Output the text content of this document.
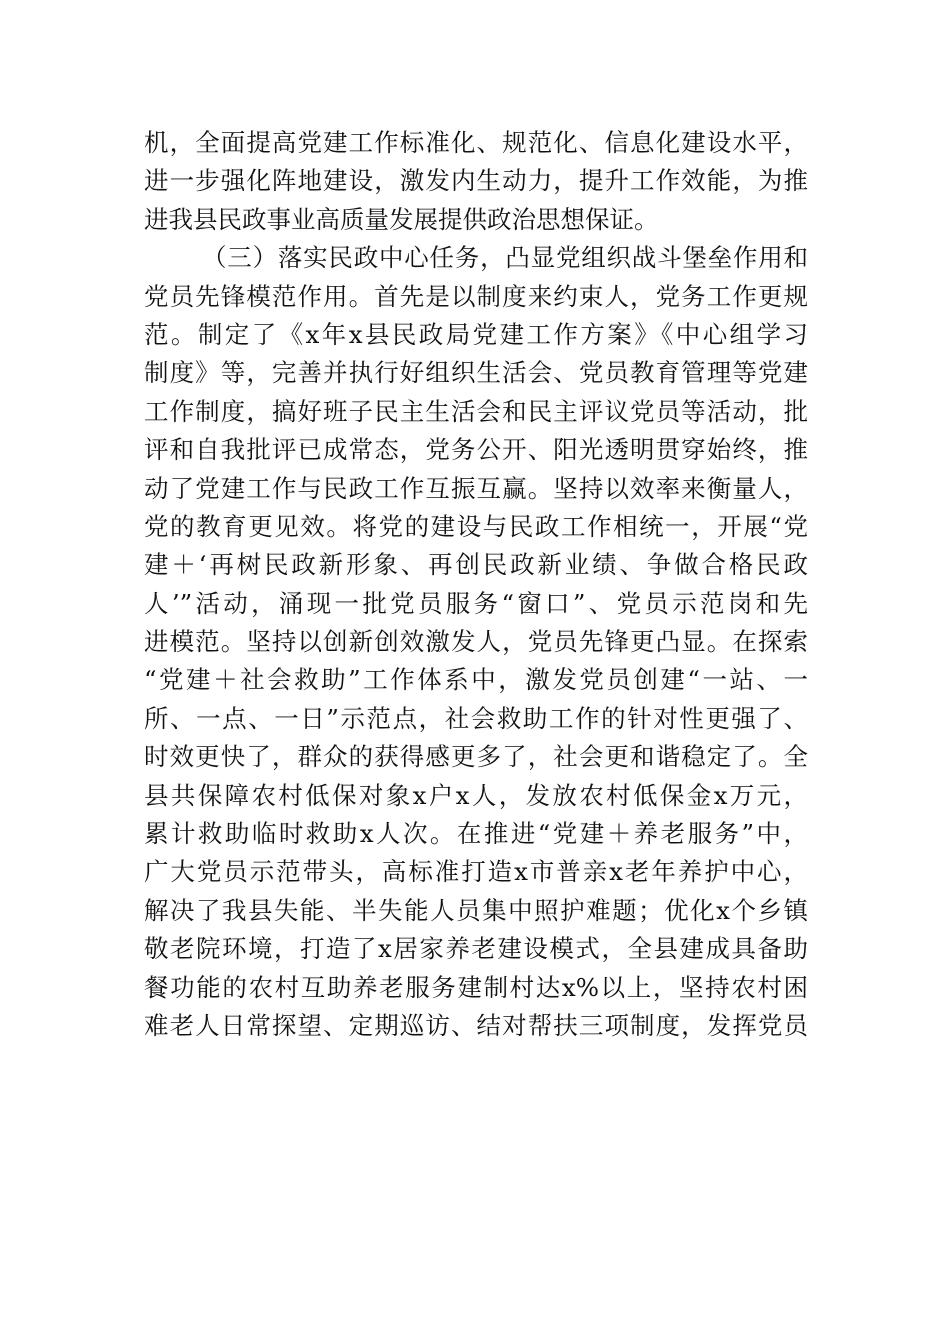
机，全面提高党建工作标准化、规范化、信息化建设水平，
进一步强化阵地建设，激发内生动力，提升工作效能，为推
进我县民政事业高质量发展提供政治思想保证。
（三）落实民政中心任务，凸显党组织战斗堡垒作用和
党员先锋模范作用。首先是以制度来约束人，党务工作更规
范。制定了《x年x县民政局党建工作方案》《中心组学习
制度》等，完善并执行好组织生活会、党员教育管理等党建
工作制度，搞好班子民主生活会和民主评议党员等活动，批
评和自我批评已成常态，党务公开、阳光透明贯穿始终，推
动了党建工作与民政工作互振互赢。坚持以效率来衡量人，
党的教育更见效。将党的建设与民政工作相统一，开展“党
建＋‘再树民政新形象、再创民政新业绩、争做合格民政
人’”活动，涌现一批党员服务“窗口”、党员示范岗和先
进模范。坚持以创新创效激发人，党员先锋更凸显。在探索
“党建＋社会救助”工作体系中，激发党员创建“一站、一
所、一点、一日”示范点，社会救助工作的针对性更强了、
时效更快了，群众的获得感更多了，社会更和谐稳定了。全
县共保障农村低保对象x户x人，发放农村低保金x万元，
累计救助临时救助x人次。在推进“党建＋养老服务”中，
广大党员示范带头，高标准打造x市普亲x老年养护中心，
解决了我县失能、半失能人员集中照护难题；优化x个乡镇
敬老院环境，打造了x居家养老建设模式，全县建成具备助
餐功能的农村互助养老服务建制村达x%以上，坚持农村困
难老人日常探望、定期巡访、结对帮扶三项制度，发挥党员
